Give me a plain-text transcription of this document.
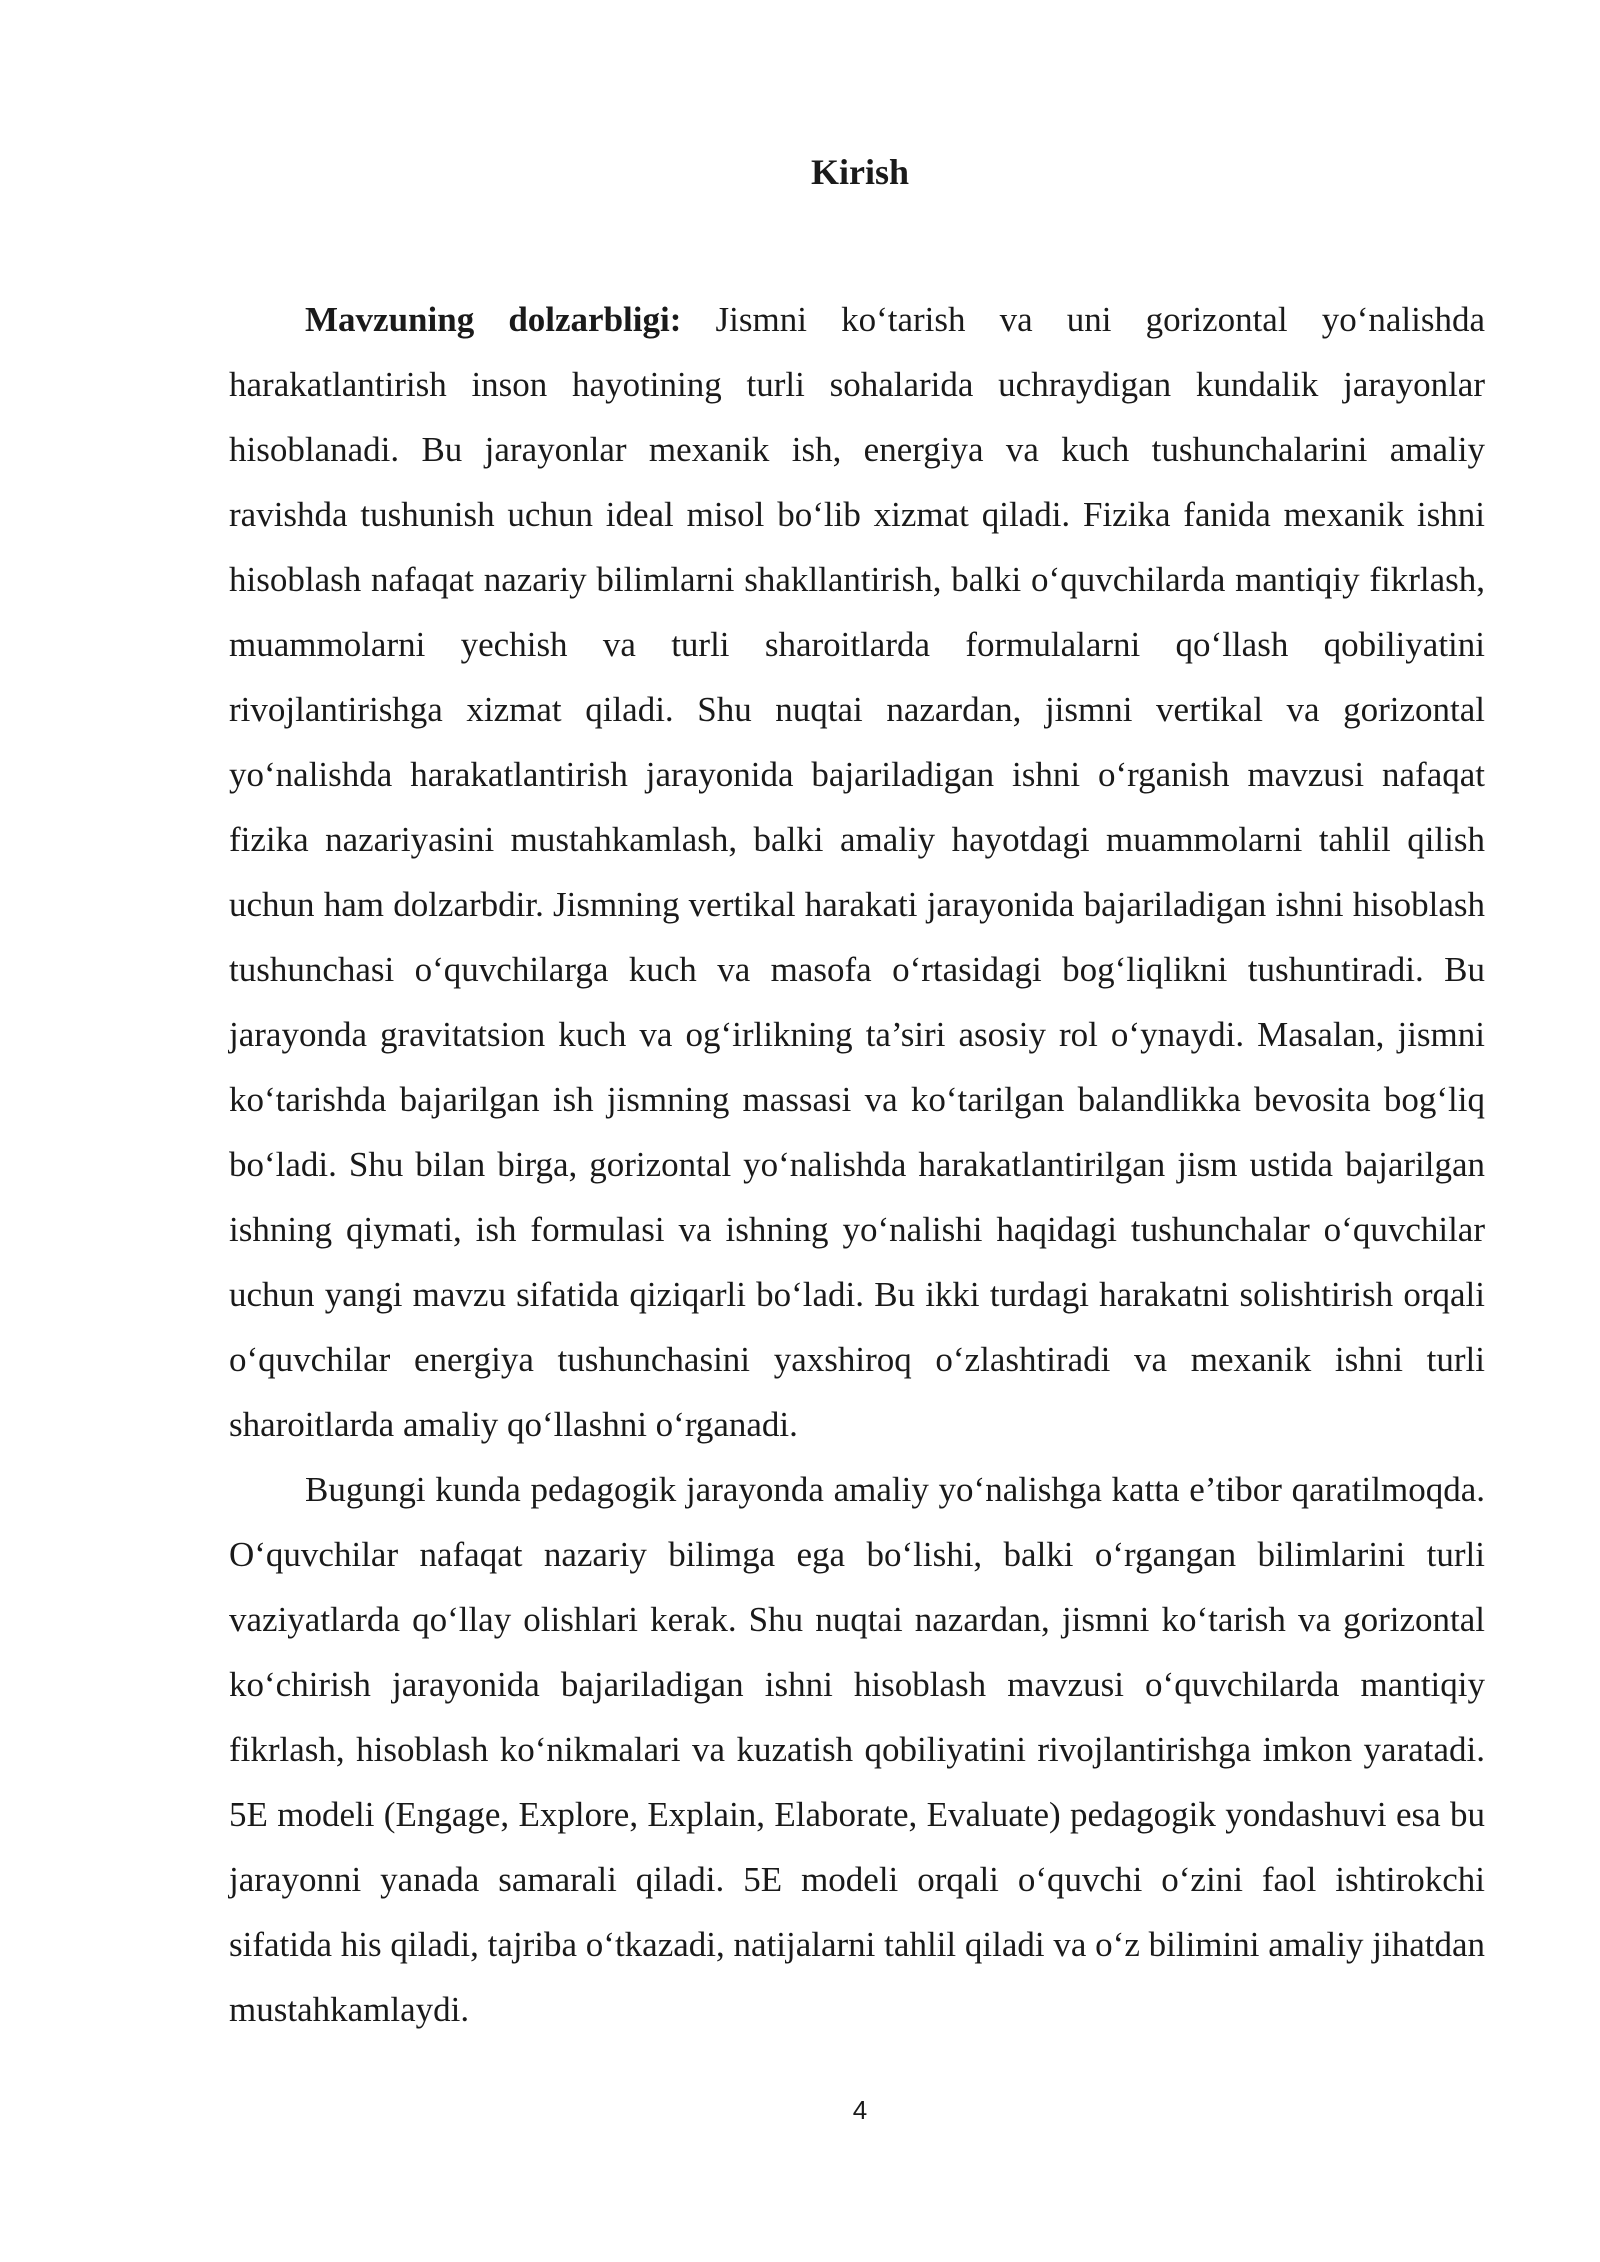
Kirish

Mavzuning dolzarbligi: Jismni ko‘tarish va uni gorizontal yo‘nalishda harakatlantirish inson hayotining turli sohalarida uchraydigan kundalik jarayonlar hisoblanadi. Bu jarayonlar mexanik ish, energiya va kuch tushunchalarini amaliy ravishda tushunish uchun ideal misol bo‘lib xizmat qiladi. Fizika fanida mexanik ishni hisoblash nafaqat nazariy bilimlarni shakllantirish, balki o‘quvchilarda mantiqiy fikrlash, muammolarni yechish va turli sharoitlarda formulalarni qo‘llash qobiliyatini rivojlantirishga xizmat qiladi. Shu nuqtai nazardan, jismni vertikal va gorizontal yo‘nalishda harakatlantirish jarayonida bajariladigan ishni o‘rganish mavzusi nafaqat fizika nazariyasini mustahkamlash, balki amaliy hayotdagi muammolarni tahlil qilish uchun ham dolzarbdir. Jismning vertikal harakati jarayonida bajariladigan ishni hisoblash tushunchasi o‘quvchilarga kuch va masofa o‘rtasidagi bog‘liqlikni tushuntiradi. Bu jarayonda gravitatsion kuch va og‘irlikning ta’siri asosiy rol o‘ynaydi. Masalan, jismni ko‘tarishda bajarilgan ish jismning massasi va ko‘tarilgan balandlikka bevosita bog‘liq bo‘ladi. Shu bilan birga, gorizontal yo‘nalishda harakatlantirilgan jism ustida bajarilgan ishning qiymati, ish formulasi va ishning yo‘nalishi haqidagi tushunchalar o‘quvchilar uchun yangi mavzu sifatida qiziqarli bo‘ladi. Bu ikki turdagi harakatni solishtirish orqali o‘quvchilar energiya tushunchasini yaxshiroq o‘zlashtiradi va mexanik ishni turli sharoitlarda amaliy qo‘llashni o‘rganadi.

Bugungi kunda pedagogik jarayonda amaliy yo‘nalishga katta e’tibor qaratilmoqda. O‘quvchilar nafaqat nazariy bilimga ega bo‘lishi, balki o‘rgangan bilimlarini turli vaziyatlarda qo‘llay olishlari kerak. Shu nuqtai nazardan, jismni ko‘tarish va gorizontal ko‘chirish jarayonida bajariladigan ishni hisoblash mavzusi o‘quvchilarda mantiqiy fikrlash, hisoblash ko‘nikmalari va kuzatish qobiliyatini rivojlantirishga imkon yaratadi. 5E modeli (Engage, Explore, Explain, Elaborate, Evaluate) pedagogik yondashuvi esa bu jarayonni yanada samarali qiladi. 5E modeli orqali o‘quvchi o‘zini faol ishtirokchi sifatida his qiladi, tajriba o‘tkazadi, natijalarni tahlil qiladi va o‘z bilimini amaliy jihatdan mustahkamlaydi.

4
